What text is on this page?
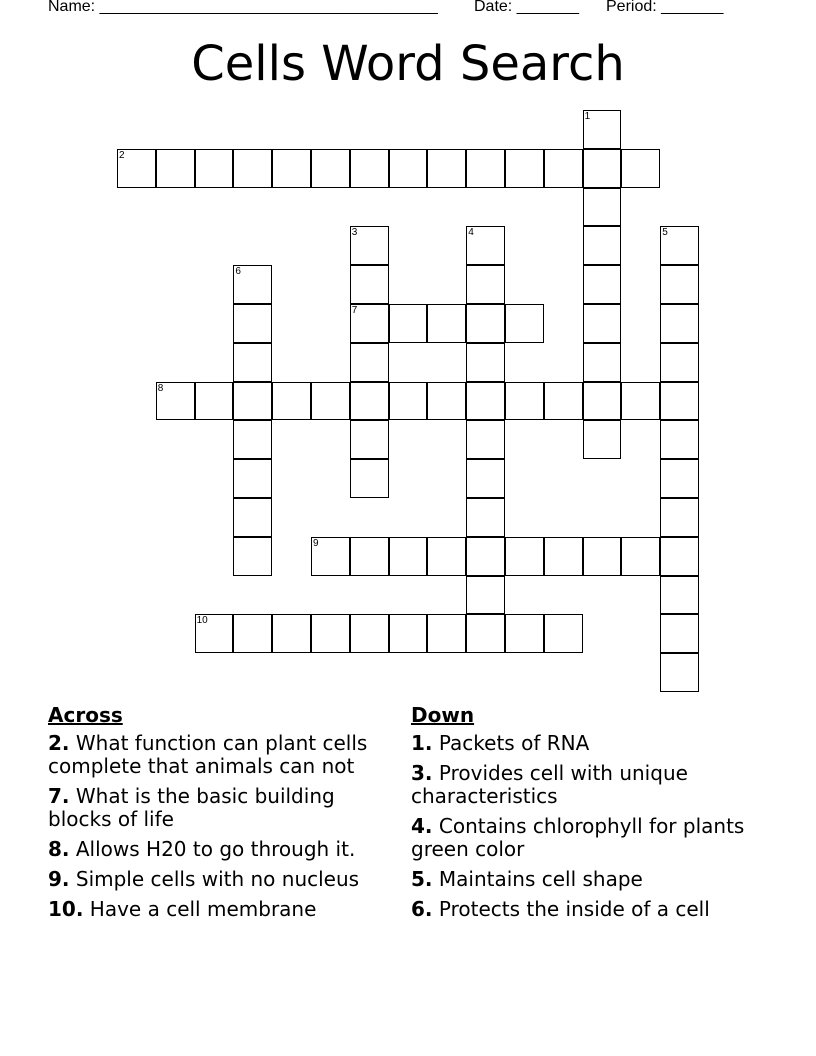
Name: ______________________________________

Date: _______

Period: _______

Cells Word Search
1
2
3
7
4	5
6
8
9
10
Across
2. What function can plant cells complete that animals can not
7. What is the basic building blocks of life
8. Allows H20 to go through it.
9. Simple cells with no nucleus
10. Have a cell membrane
Down
1. Packets of RNA
3. Provides cell with unique characteristics
4. Contains chlorophyll for plants green color
5. Maintains cell shape
6. Protects the inside of a cell
